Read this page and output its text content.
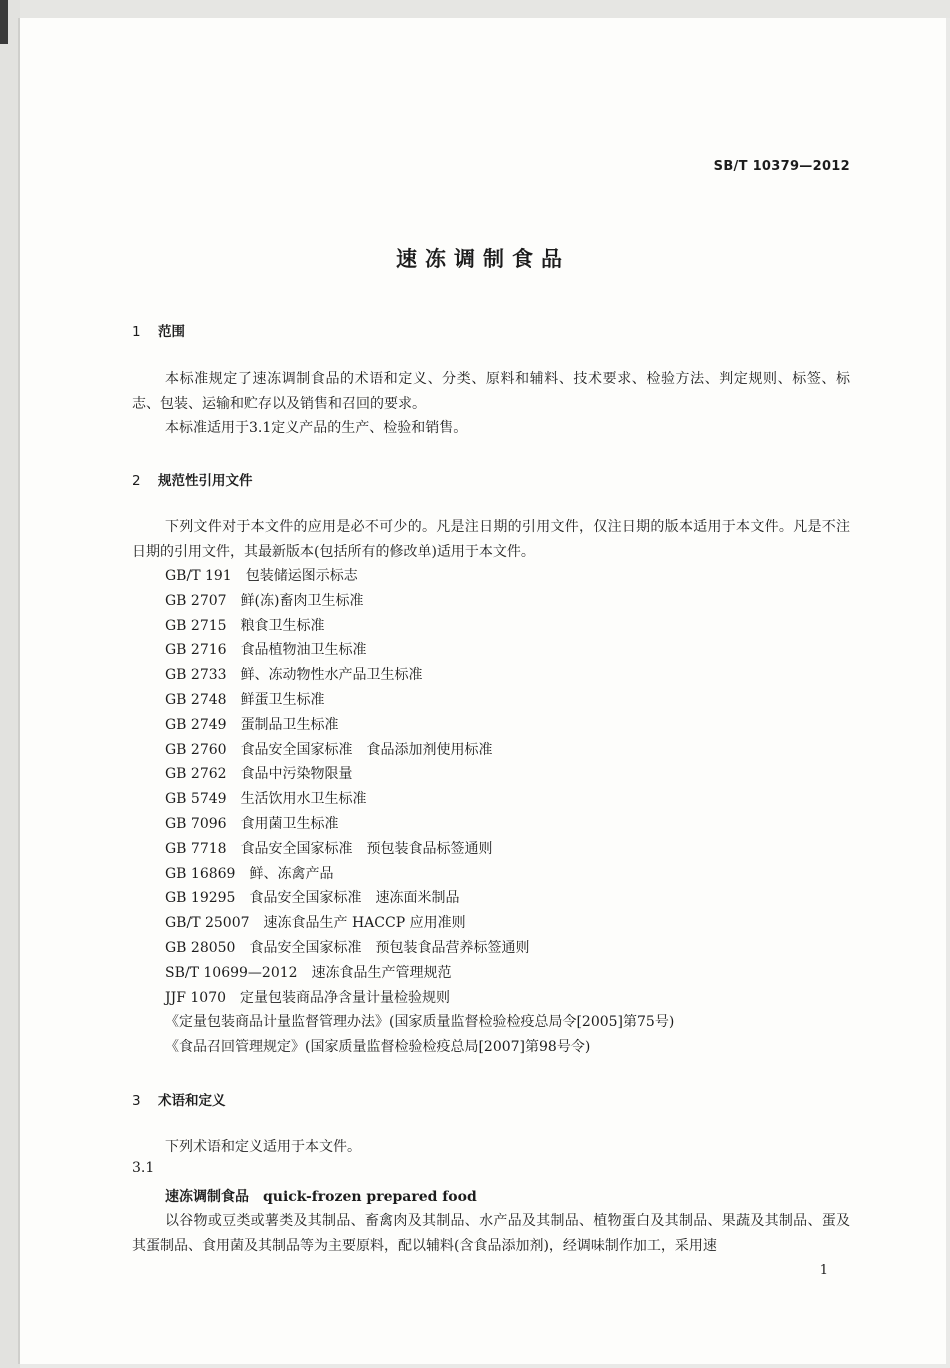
SB/T 10379—2012
速冻调制食品
1 范围
本标准规定了速冻调制食品的术语和定义、分类、原料和辅料、技术要求、检验方法、判定规则、标签、标志、包装、运输和贮存以及销售和召回的要求。
本标准适用于3.1定义产品的生产、检验和销售。
2 规范性引用文件
下列文件对于本文件的应用是必不可少的。凡是注日期的引用文件，仅注日期的版本适用于本文件。凡是不注日期的引用文件，其最新版本(包括所有的修改单)适用于本文件。
GB/T 191 包装储运图示标志
GB 2707 鲜(冻)畜肉卫生标准
GB 2715 粮食卫生标准
GB 2716 食品植物油卫生标准
GB 2733 鲜、冻动物性水产品卫生标准
GB 2748 鲜蛋卫生标准
GB 2749 蛋制品卫生标准
GB 2760 食品安全国家标准　食品添加剂使用标准
GB 2762 食品中污染物限量
GB 5749 生活饮用水卫生标准
GB 7096 食用菌卫生标准
GB 7718 食品安全国家标准　预包装食品标签通则
GB 16869 鲜、冻禽产品
GB 19295 食品安全国家标准　速冻面米制品
GB/T 25007 速冻食品生产 HACCP 应用准则
GB 28050 食品安全国家标准　预包装食品营养标签通则
SB/T 10699—2012 速冻食品生产管理规范
JJF 1070 定量包装商品净含量计量检验规则
《定量包装商品计量监督管理办法》(国家质量监督检验检疫总局令[2005]第75号)
《食品召回管理规定》(国家质量监督检验检疫总局[2007]第98号令)
3 术语和定义
下列术语和定义适用于本文件。
3.1
速冻调制食品 quick-frozen prepared food
以谷物或豆类或薯类及其制品、畜禽肉及其制品、水产品及其制品、植物蛋白及其制品、果蔬及其制品、蛋及其蛋制品、食用菌及其制品等为主要原料，配以辅料(含食品添加剂)，经调味制作加工，采用速
1
